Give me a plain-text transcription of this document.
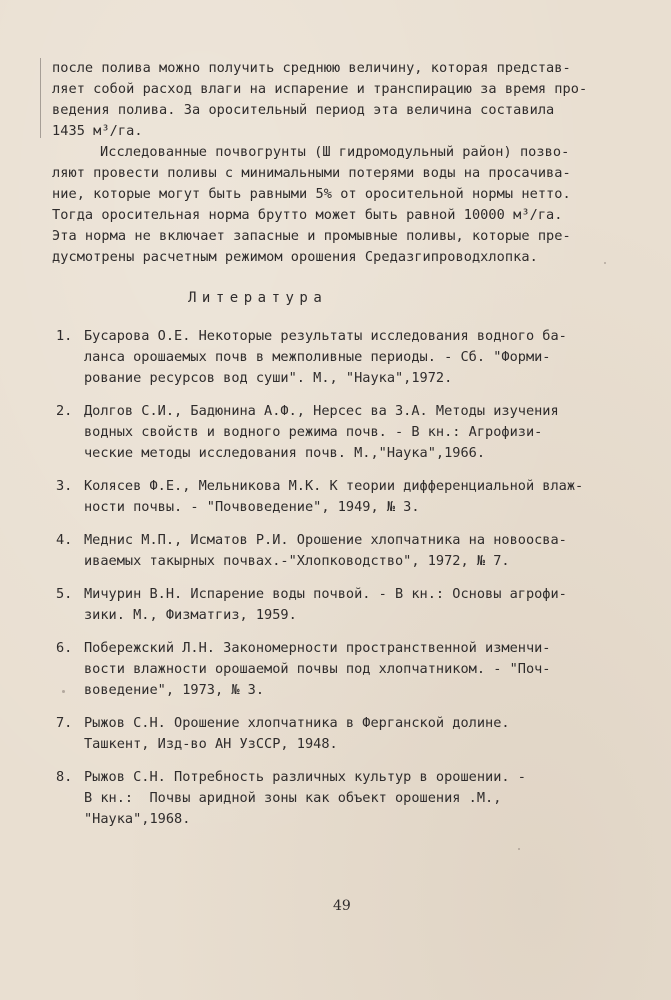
после полива можно получить среднюю величину, которая представ-

ляет собой расход влаги на испарение и транспирацию за время про-

ведения полива. За оросительный период эта величина составила

1435 м³/га.

Исследованные почвогрунты (Ш гидромодульный район) позво-

ляют провести поливы с минимальными потерями воды на просачива-

ние, которые могут быть равными 5% от оросительной нормы нетто.

Тогда оросительная норма брутто может быть равной 10000 м³/га.

Эта норма не включает запасные и промывные поливы, которые пре-

дусмотрены расчетным режимом орошения Средазгипроводхлопка.

Литература
1. Бусарова О.Е. Некоторые результаты исследования водного ба-
ланса орошаемых почв в межполивные периоды. - Сб. "Форми-
рование ресурсов вод суши". М., "Наука",1972.
2. Долгов С.И., Бадюнина А.Ф., Нерсес ва З.А. Методы изучения
водных свойств и водного режима почв. - В кн.: Агрофизи-
ческие методы исследования почв. М.,"Наука",1966.
3. Колясев Ф.Е., Мельникова М.К. К теории дифференциальной влаж-
ности почвы. - "Почвоведение", 1949, № 3.
4. Меднис М.П., Исматов Р.И. Орошение хлопчатника на новоосва-
иваемых такырных почвах.-"Хлопководство", 1972, № 7.
5. Мичурин В.Н. Испарение воды почвой. - В кн.: Основы агрофи-
зики. М., Физматгиз, 1959.
6. Побережский Л.Н. Закономерности пространственной изменчи-
вости влажности орошаемой почвы под хлопчатником. - "Поч-
воведение", 1973, № 3.
7. Рыжов С.Н. Орошение хлопчатника в Ферганской долине.
Ташкент, Изд-во АН УзССР, 1948.
8. Рыжов С.Н. Потребность различных культур в орошении. -
В кн.:  Почвы аридной зоны как объект орошения .М.,
"Наука",1968.
49
